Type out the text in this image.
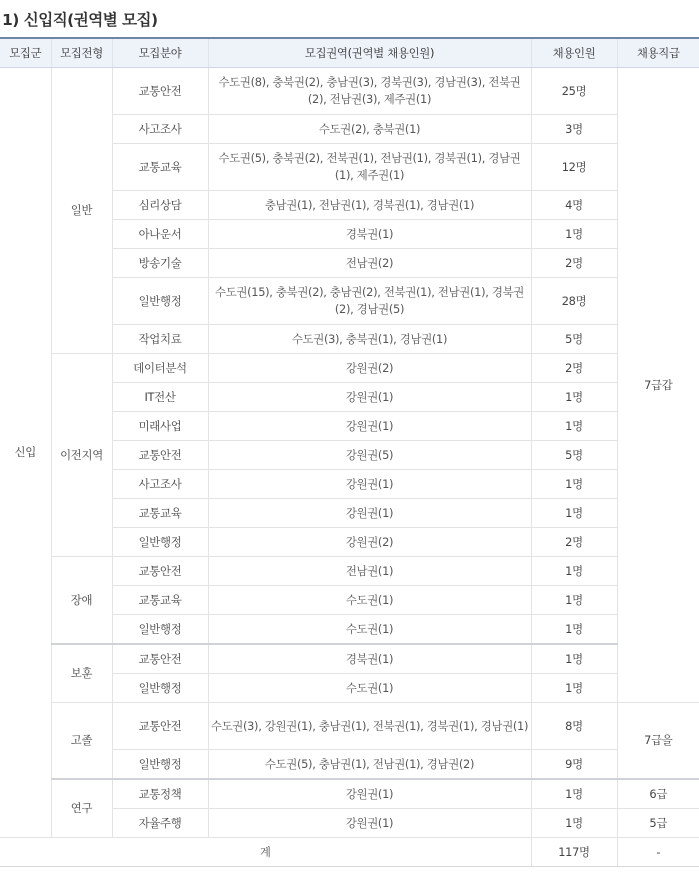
1) 신입직(권역별 모집)
모집군	모집전형	모집분야	모집권역(권역별 채용인원)	채용인원	채용직급
신입	일반	교통안전	수도권(8), 충북권(2), 충남권(3), 경북권(3), 경남권(3), 전북권(2), 전남권(3), 제주권(1)	25명	7급갑
		사고조사	수도권(2), 충북권(1)	3명	
		교통교육	수도권(5), 충북권(2), 전북권(1), 전남권(1), 경북권(1), 경남권(1), 제주권(1)	12명	
		심리상담	충남권(1), 전남권(1), 경북권(1), 경남권(1)	4명	
		아나운서	경북권(1)	1명	
		방송기술	전남권(2)	2명	
		일반행정	수도권(15), 충북권(2), 충남권(2), 전북권(1), 전남권(1), 경북권(2), 경남권(5)	28명	
		작업치료	수도권(3), 충북권(1), 경남권(1)	5명	
	이전지역	데이터분석	강원권(2)	2명	
		IT전산	강원권(1)	1명	
		미래사업	강원권(1)	1명	
		교통안전	강원권(5)	5명	
		사고조사	강원권(1)	1명	
		교통교육	강원권(1)	1명	
		일반행정	강원권(2)	2명	
	장애	교통안전	전남권(1)	1명	
		교통교육	수도권(1)	1명	
		일반행정	수도권(1)	1명	
	보훈	교통안전	경북권(1)	1명	
		일반행정	수도권(1)	1명	
	고졸	교통안전	수도권(3), 강원권(1), 충남권(1), 전북권(1), 경북권(1), 경남권(1)	8명	7급을
		일반행정	수도권(5), 충남권(1), 전남권(1), 경남권(2)	9명	
	연구	교통정책	강원권(1)	1명	6급
		자율주행	강원권(1)	1명	5급
계				117명	-
